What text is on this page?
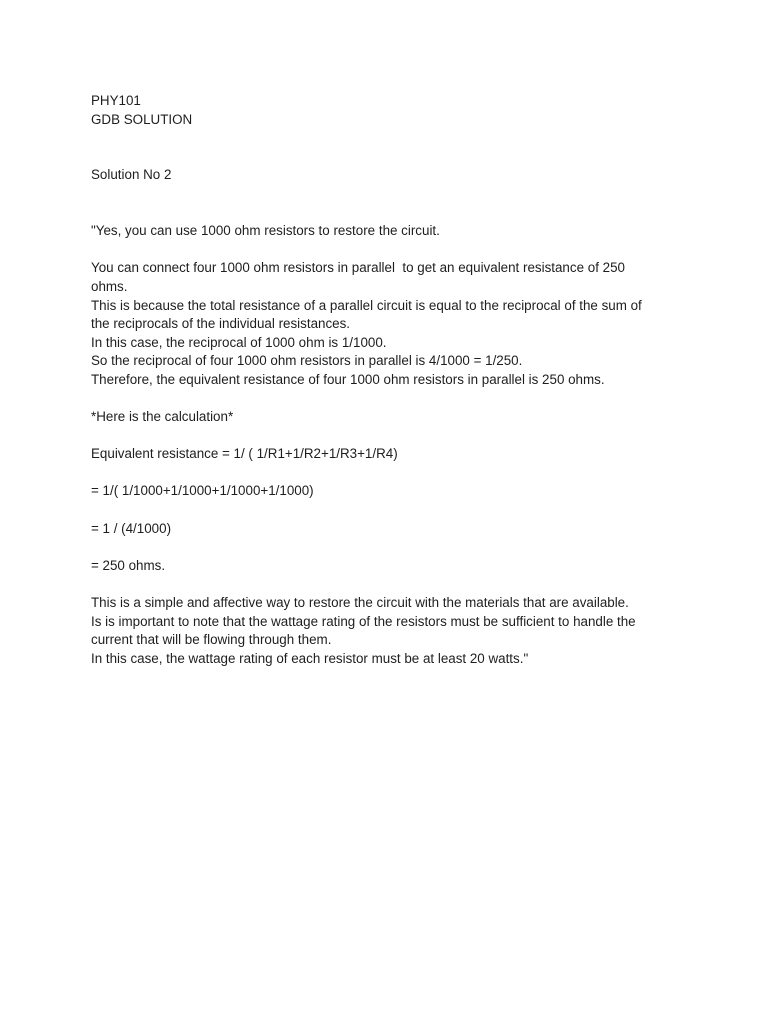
PHY101
GDB SOLUTION
Solution No 2
"Yes, you can use 1000 ohm resistors to restore the circuit.
You can connect four 1000 ohm resistors in parallel  to get an equivalent resistance of 250
ohms.
This is because the total resistance of a parallel circuit is equal to the reciprocal of the sum of
the reciprocals of the individual resistances.
In this case, the reciprocal of 1000 ohm is 1/1000.
So the reciprocal of four 1000 ohm resistors in parallel is 4/1000 = 1/250.
Therefore, the equivalent resistance of four 1000 ohm resistors in parallel is 250 ohms.
*Here is the calculation*
Equivalent resistance = 1/ ( 1/R1+1/R2+1/R3+1/R4)
= 1/( 1/1000+1/1000+1/1000+1/1000)
= 1 / (4/1000)
= 250 ohms.
This is a simple and affective way to restore the circuit with the materials that are available.
Is is important to note that the wattage rating of the resistors must be sufficient to handle the
current that will be flowing through them.
In this case, the wattage rating of each resistor must be at least 20 watts."
